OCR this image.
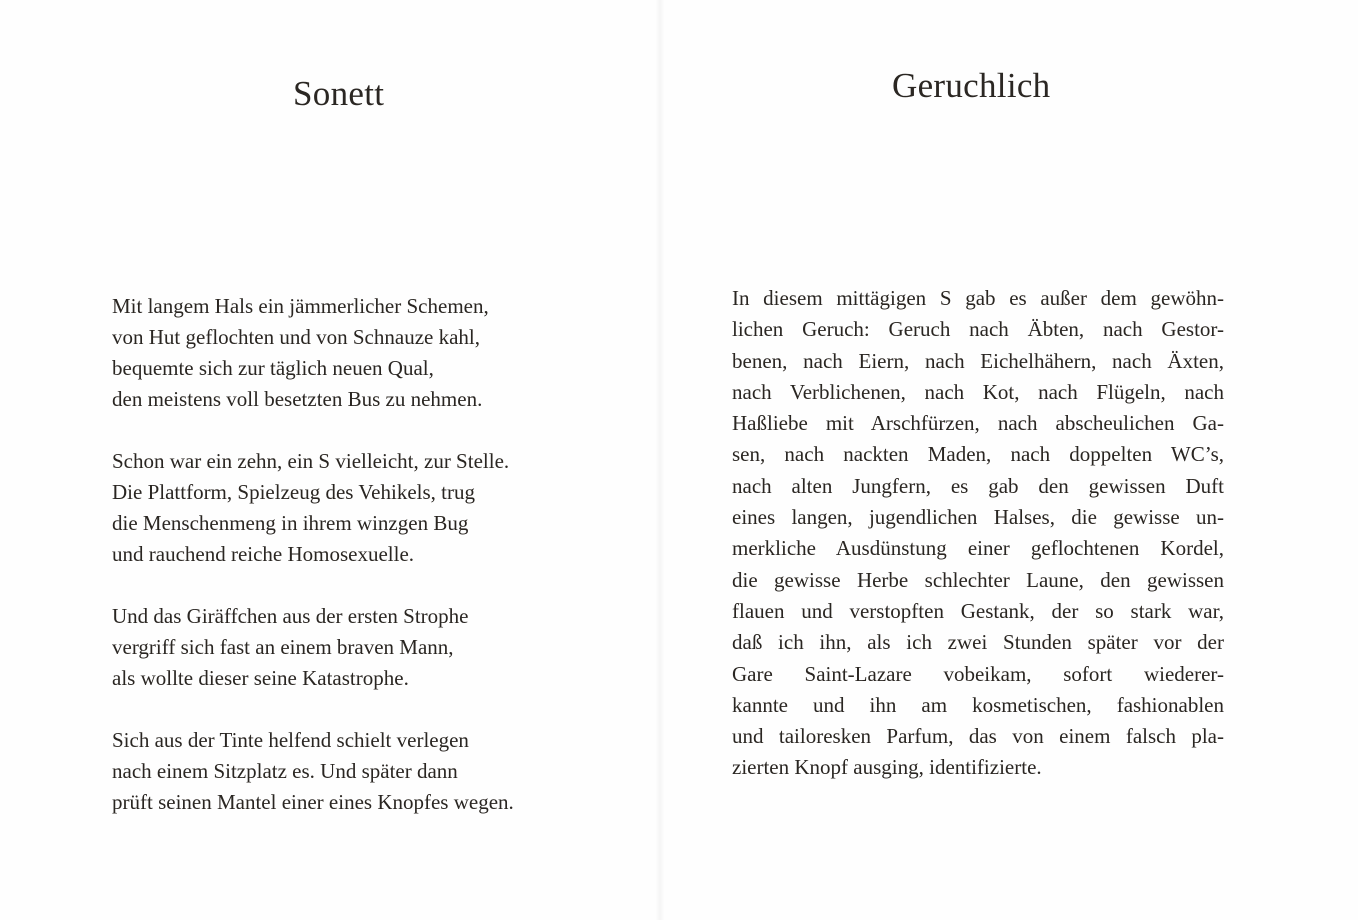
Sonett

Mit langem Hals ein jämmerlicher Schemen,
von Hut geflochten und von Schnauze kahl,
bequemte sich zur täglich neuen Qual,
den meistens voll besetzten Bus zu nehmen.

Schon war ein zehn, ein S vielleicht, zur Stelle.
Die Plattform, Spielzeug des Vehikels, trug
die Menschenmeng in ihrem winzgen Bug
und rauchend reiche Homosexuelle.

Und das Giräffchen aus der ersten Strophe
vergriff sich fast an einem braven Mann,
als wollte dieser seine Katastrophe.

Sich aus der Tinte helfend schielt verlegen
nach einem Sitzplatz es. Und später dann
prüft seinen Mantel einer eines Knopfes wegen.

Geruchlich
In diesem mittägigen S gab es außer dem gewöhn-
lichen Geruch: Geruch nach Äbten, nach Gestor-
benen, nach Eiern, nach Eichelhähern, nach Äxten,
nach Verblichenen, nach Kot, nach Flügeln, nach
Haßliebe mit Arschfürzen, nach abscheulichen Ga-
sen, nach nackten Maden, nach doppelten WC’s,
nach alten Jungfern, es gab den gewissen Duft
eines langen, jugendlichen Halses, die gewisse un-
merkliche Ausdünstung einer geflochtenen Kordel,
die gewisse Herbe schlechter Laune, den gewissen
flauen und verstopften Gestank, der so stark war,
daß ich ihn, als ich zwei Stunden später vor der
Gare Saint-Lazare vobeikam, sofort wiederer-
kannte und ihn am kosmetischen, fashionablen
und tailoresken Parfum, das von einem falsch pla-
zierten Knopf ausging, identifizierte.
